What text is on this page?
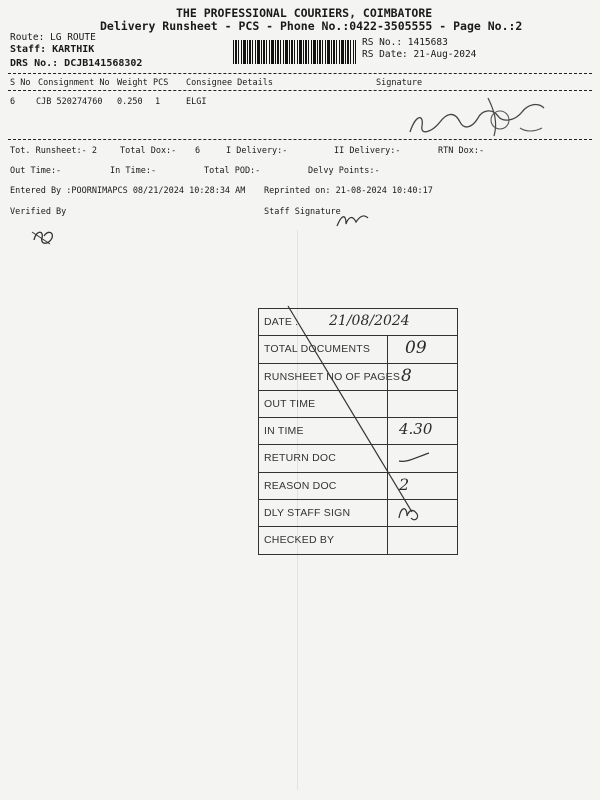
THE PROFESSIONAL COURIERS, COIMBATORE
Delivery Runsheet - PCS - Phone No.:0422-3505555 - Page No.:2
Route: LG ROUTE
Staff: KARTHIK
DRS No.: DCJB141568302
RS No.: 1415683
RS Date: 21-Aug-2024
S No Consignment No Weight PCS Consignee Details	Signature
6 CJB 520274760 0.250 1	ELGI
Tot. Runsheet:- 2	Total Dox:- 6	I Delivery:-	II Delivery:-	RTN Dox:-
Out Time:-	In Time:-	Total POD:-	Delvy Points:-
Entered By :POORNIMAPCS 08/21/2024 10:28:34 AM Reprinted on: 21-08-2024 10:40:17
Verified By	Staff Signature
DATE : 21/08/2024
TOTAL DOCUMENTS 09
RUNSHEET NO OF PAGES 8
OUT TIME
IN TIME	4.30
RETURN DOC
REASON DOC	2
DLY STAFF SIGN
CHECKED BY
